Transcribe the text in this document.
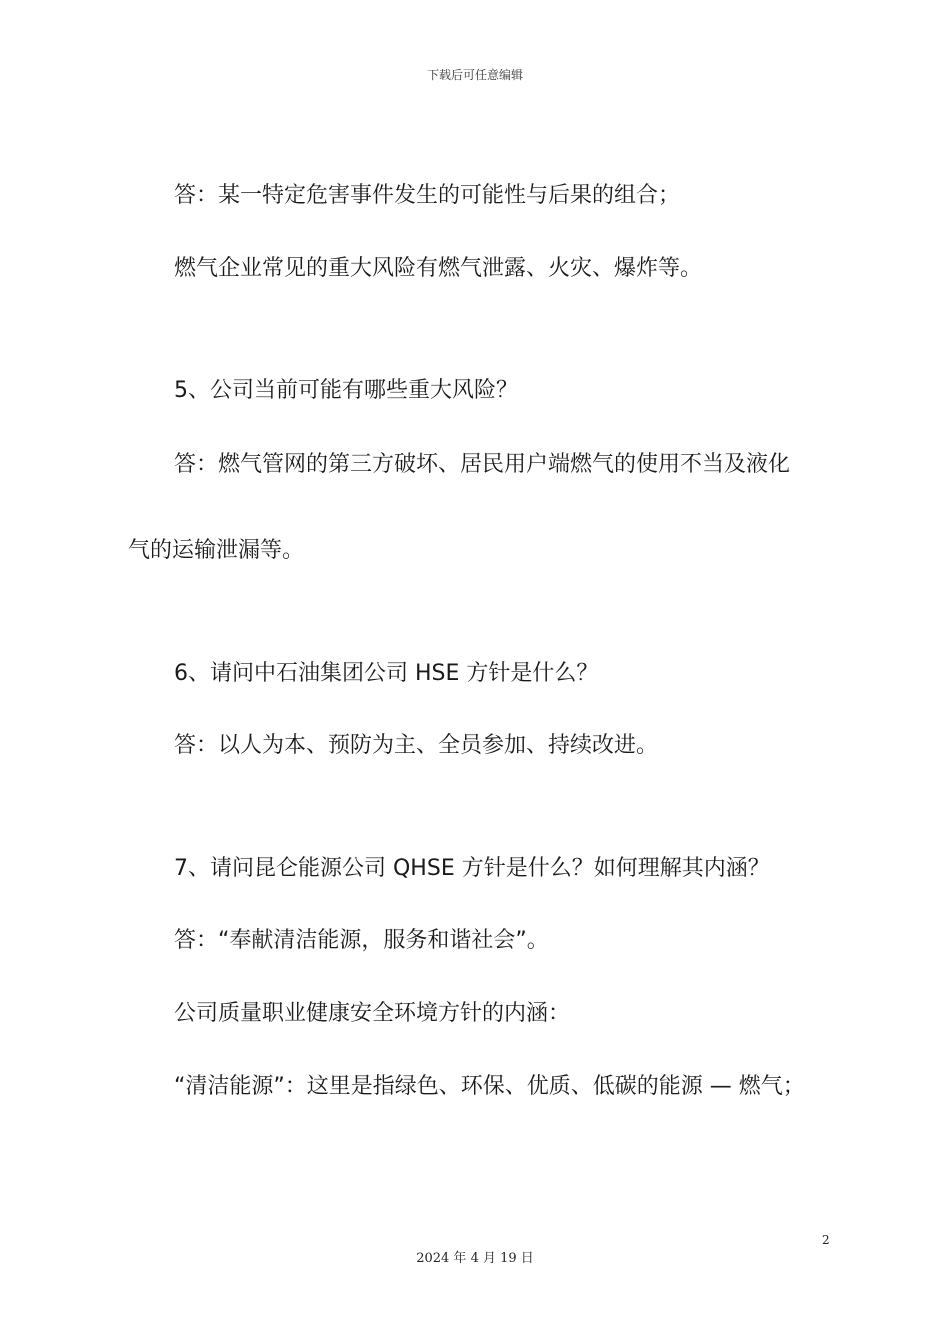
下载后可任意编辑
答：某一特定危害事件发生的可能性与后果的组合；
燃气企业常见的重大风险有燃气泄露、火灾、爆炸等。
5、公司当前可能有哪些重大风险？
答：燃气管网的第三方破坏、居民用户端燃气的使用不当及液化
气的运输泄漏等。
6、请问中石油集团公司 HSE 方针是什么？
答：以人为本、预防为主、全员参加、持续改进。
7、请问昆仑能源公司 QHSE 方针是什么？如何理解其内涵？
答：“奉献清洁能源，服务和谐社会”。
公司质量职业健康安全环境方针的内涵：
“清洁能源”：这里是指绿色、环保、优质、低碳的能源 — 燃气；
2
2024 年 4 月 19 日
